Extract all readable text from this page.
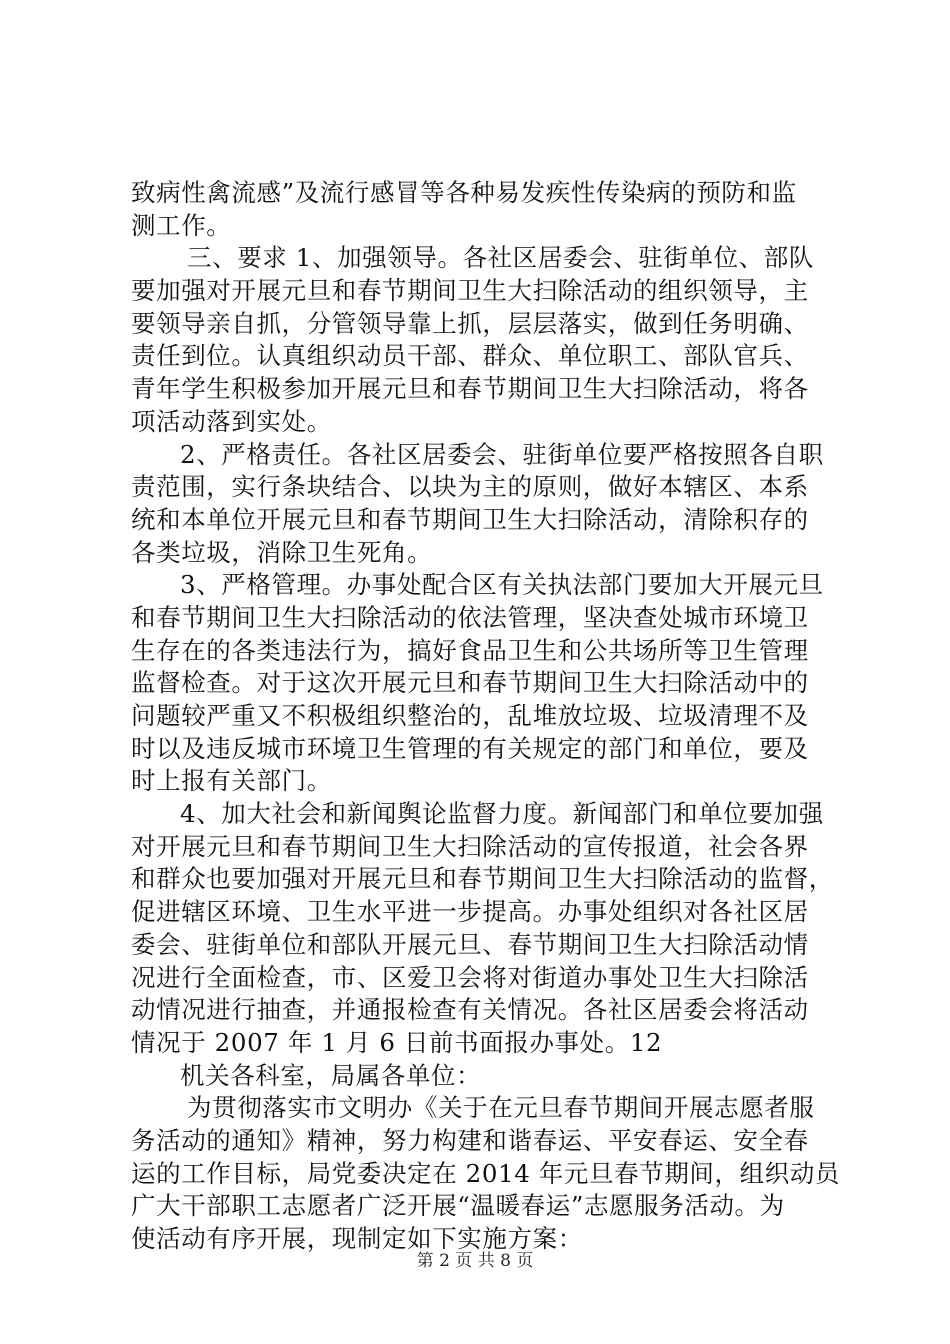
致病性禽流感”及流行感冒等各种易发疾性传染病的预防和监
测工作。
三、要求 1、加强领导。各社区居委会、驻街单位、部队
要加强对开展元旦和春节期间卫生大扫除活动的组织领导，主
要领导亲自抓，分管领导靠上抓，层层落实，做到任务明确、
责任到位。认真组织动员干部、群众、单位职工、部队官兵、
青年学生积极参加开展元旦和春节期间卫生大扫除活动，将各
项活动落到实处。
2、严格责任。各社区居委会、驻街单位要严格按照各自职
责范围，实行条块结合、以块为主的原则，做好本辖区、本系
统和本单位开展元旦和春节期间卫生大扫除活动，清除积存的
各类垃圾，消除卫生死角。
3、严格管理。办事处配合区有关执法部门要加大开展元旦
和春节期间卫生大扫除活动的依法管理，坚决查处城市环境卫
生存在的各类违法行为，搞好食品卫生和公共场所等卫生管理
监督检查。对于这次开展元旦和春节期间卫生大扫除活动中的
问题较严重又不积极组织整治的，乱堆放垃圾、垃圾清理不及
时以及违反城市环境卫生管理的有关规定的部门和单位，要及
时上报有关部门。
4、加大社会和新闻舆论监督力度。新闻部门和单位要加强
对开展元旦和春节期间卫生大扫除活动的宣传报道，社会各界
和群众也要加强对开展元旦和春节期间卫生大扫除活动的监督，
促进辖区环境、卫生水平进一步提高。办事处组织对各社区居
委会、驻街单位和部队开展元旦、春节期间卫生大扫除活动情
况进行全面检查，市、区爱卫会将对街道办事处卫生大扫除活
动情况进行抽查，并通报检查有关情况。各社区居委会将活动
情况于 2007 年 1 月 6 日前书面报办事处。12
机关各科室，局属各单位：
为贯彻落实市文明办《关于在元旦春节期间开展志愿者服
务活动的通知》精神，努力构建和谐春运、平安春运、安全春
运的工作目标，局党委决定在 2014 年元旦春节期间，组织动员
广大干部职工志愿者广泛开展“温暖春运”志愿服务活动。为
使活动有序开展，现制定如下实施方案：
第 2 页 共 8 页
